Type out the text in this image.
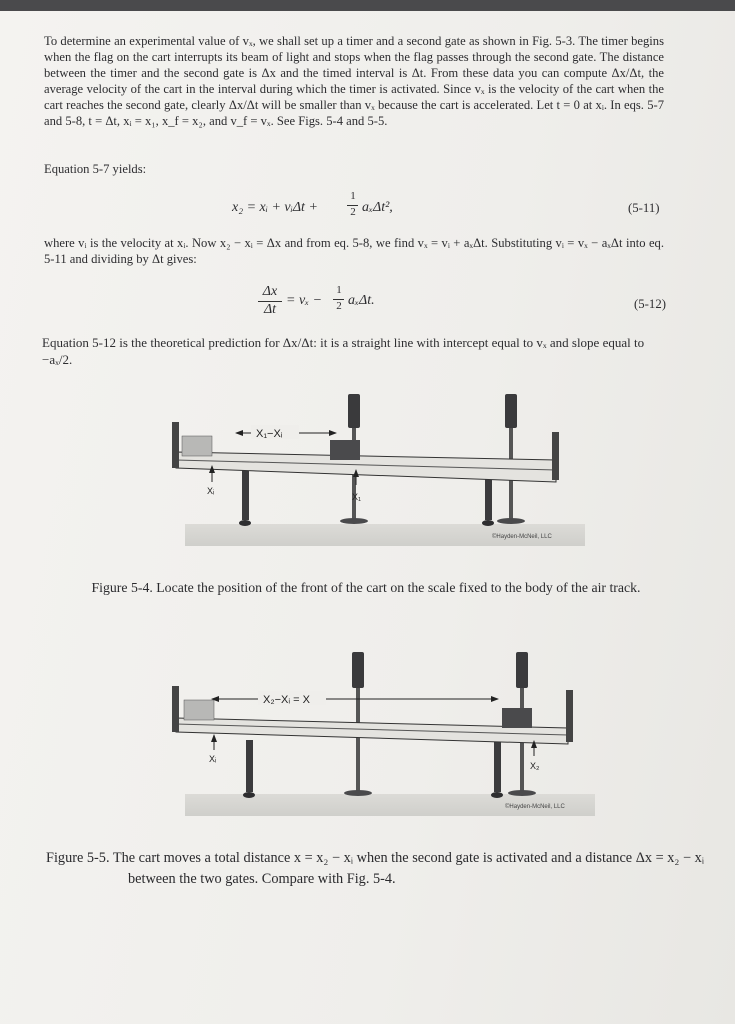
To determine an experimental value of vₓ, we shall set up a timer and a second gate as shown in Fig. 5-3. The timer begins when the flag on the cart interrupts its beam of light and stops when the flag passes through the second gate. The distance between the timer and the second gate is Δx and the timed interval is Δt. From these data you can compute Δx/Δt, the average velocity of the cart in the interval during which the timer is activated. Since vₓ is the velocity of the cart when the cart reaches the second gate, clearly Δx/Δt will be smaller than vₓ because the cart is accelerated. Let t = 0 at xᵢ. In eqs. 5-7 and 5-8, t = Δt, xᵢ = x₁, x_f = x₂, and v_f = vₓ. See Figs. 5-4 and 5-5.

Equation 5-7 yields:

x₂ = xᵢ + vᵢΔt +
1
2 aₓΔt²,	(5-11)

where vᵢ is the velocity at xᵢ. Now x₂ − xᵢ = Δx and from eq. 5-8, we find vₓ = vᵢ + aₓΔt. Substituting vᵢ = vₓ − aₓΔt into eq. 5-11 and dividing by Δt gives:

Δx
Δt
= vₓ −
1
2 aₓΔt.	(5-12)

Equation 5-12 is the theoretical prediction for Δx/Δt: it is a straight line with intercept equal to vₓ and slope equal to −aₓ/2.

X₁−Xᵢ
Xᵢ
X₁
©Hayden-McNeil, LLC
X₂−Xᵢ = X
Xᵢ
X₂
©Hayden-McNeil, LLC
Figure 5-4. Locate the position of the front of the cart on the scale fixed to the body of the air track.
Figure 5-5. The cart moves a total distance x = x₂ − xᵢ when the second gate is activated and a distance Δx = x₂ − xᵢ between the two gates. Compare with Fig. 5-4.
